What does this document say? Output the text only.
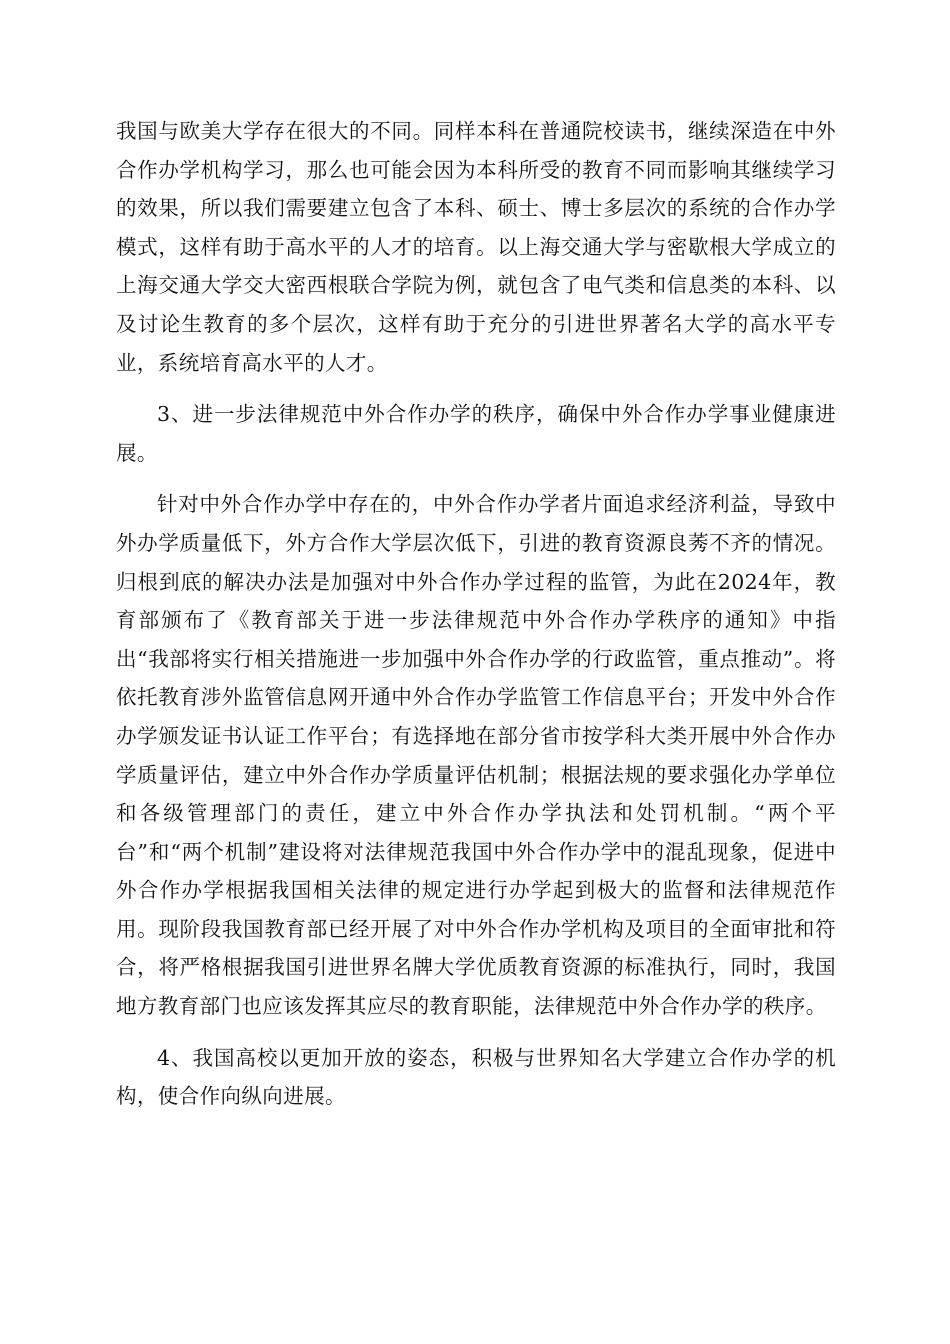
我国与欧美大学存在很大的不同。同样本科在普通院校读书，继续深造在中外合作办学机构学习，那么也可能会因为本科所受的教育不同而影响其继续学习的效果，所以我们需要建立包含了本科、硕士、博士多层次的系统的合作办学模式，这样有助于高水平的人才的培育。以上海交通大学与密歇根大学成立的上海交通大学交大密西根联合学院为例，就包含了电气类和信息类的本科、以及讨论生教育的多个层次，这样有助于充分的引进世界著名大学的高水平专业，系统培育高水平的人才。

3、进一步法律规范中外合作办学的秩序，确保中外合作办学事业健康进展。

针对中外合作办学中存在的，中外合作办学者片面追求经济利益，导致中外办学质量低下，外方合作大学层次低下，引进的教育资源良莠不齐的情况。归根到底的解决办法是加强对中外合作办学过程的监管，为此在2024年，教育部颁布了《教育部关于进一步法律规范中外合作办学秩序的通知》中指出“我部将实行相关措施进一步加强中外合作办学的行政监管，重点推动”。将依托教育涉外监管信息网开通中外合作办学监管工作信息平台；开发中外合作办学颁发证书认证工作平台；有选择地在部分省市按学科大类开展中外合作办学质量评估，建立中外合作办学质量评估机制；根据法规的要求强化办学单位和各级管理部门的责任，建立中外合作办学执法和处罚机制。“两个平台”和“两个机制”建设将对法律规范我国中外合作办学中的混乱现象，促进中外合作办学根据我国相关法律的规定进行办学起到极大的监督和法律规范作用。现阶段我国教育部已经开展了对中外合作办学机构及项目的全面审批和符合，将严格根据我国引进世界名牌大学优质教育资源的标准执行，同时，我国地方教育部门也应该发挥其应尽的教育职能，法律规范中外合作办学的秩序。

4、我国高校以更加开放的姿态，积极与世界知名大学建立合作办学的机构，使合作向纵向进展。
